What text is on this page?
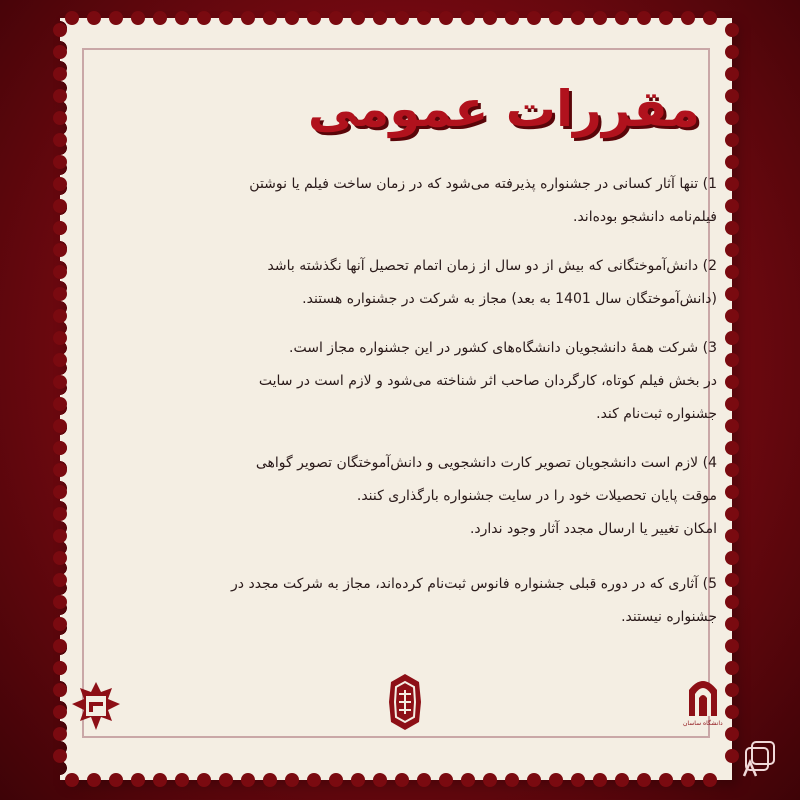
مقررات عمومی
1) تنها آثار کسانی در جشنواره پذیرفته می‌شود که در زمان ساخت فیلم یا نوشتن
فیلم‌نامه دانشجو بوده‌اند.
2) دانش‌آموختگانی که بیش از دو سال از زمان اتمام تحصیل آنها نگذشته باشد
(دانش‌آموختگان سال 1401 به بعد) مجاز به شرکت در جشنواره هستند.
3) شرکت همهٔ دانشجویان دانشگاه‌های کشور در این جشنواره مجاز است.
در بخش فیلم کوتاه، کارگردان صاحب اثر شناخته می‌شود و لازم است در سایت
جشنواره ثبت‌نام کند.
4) لازم است دانشجویان تصویر کارت دانشجویی و دانش‌آموختگان تصویر گواهی
موقت پایان تحصیلات خود را در سایت جشنواره بارگذاری کنند.
امکان تغییر یا ارسال مجدد آثار وجود ندارد.
5) آثاری که در دوره قبلی جشنواره فانوس ثبت‌نام کرده‌اند، مجاز به شرکت مجدد در
جشنواره نیستند.
دانشگاه ساسان
